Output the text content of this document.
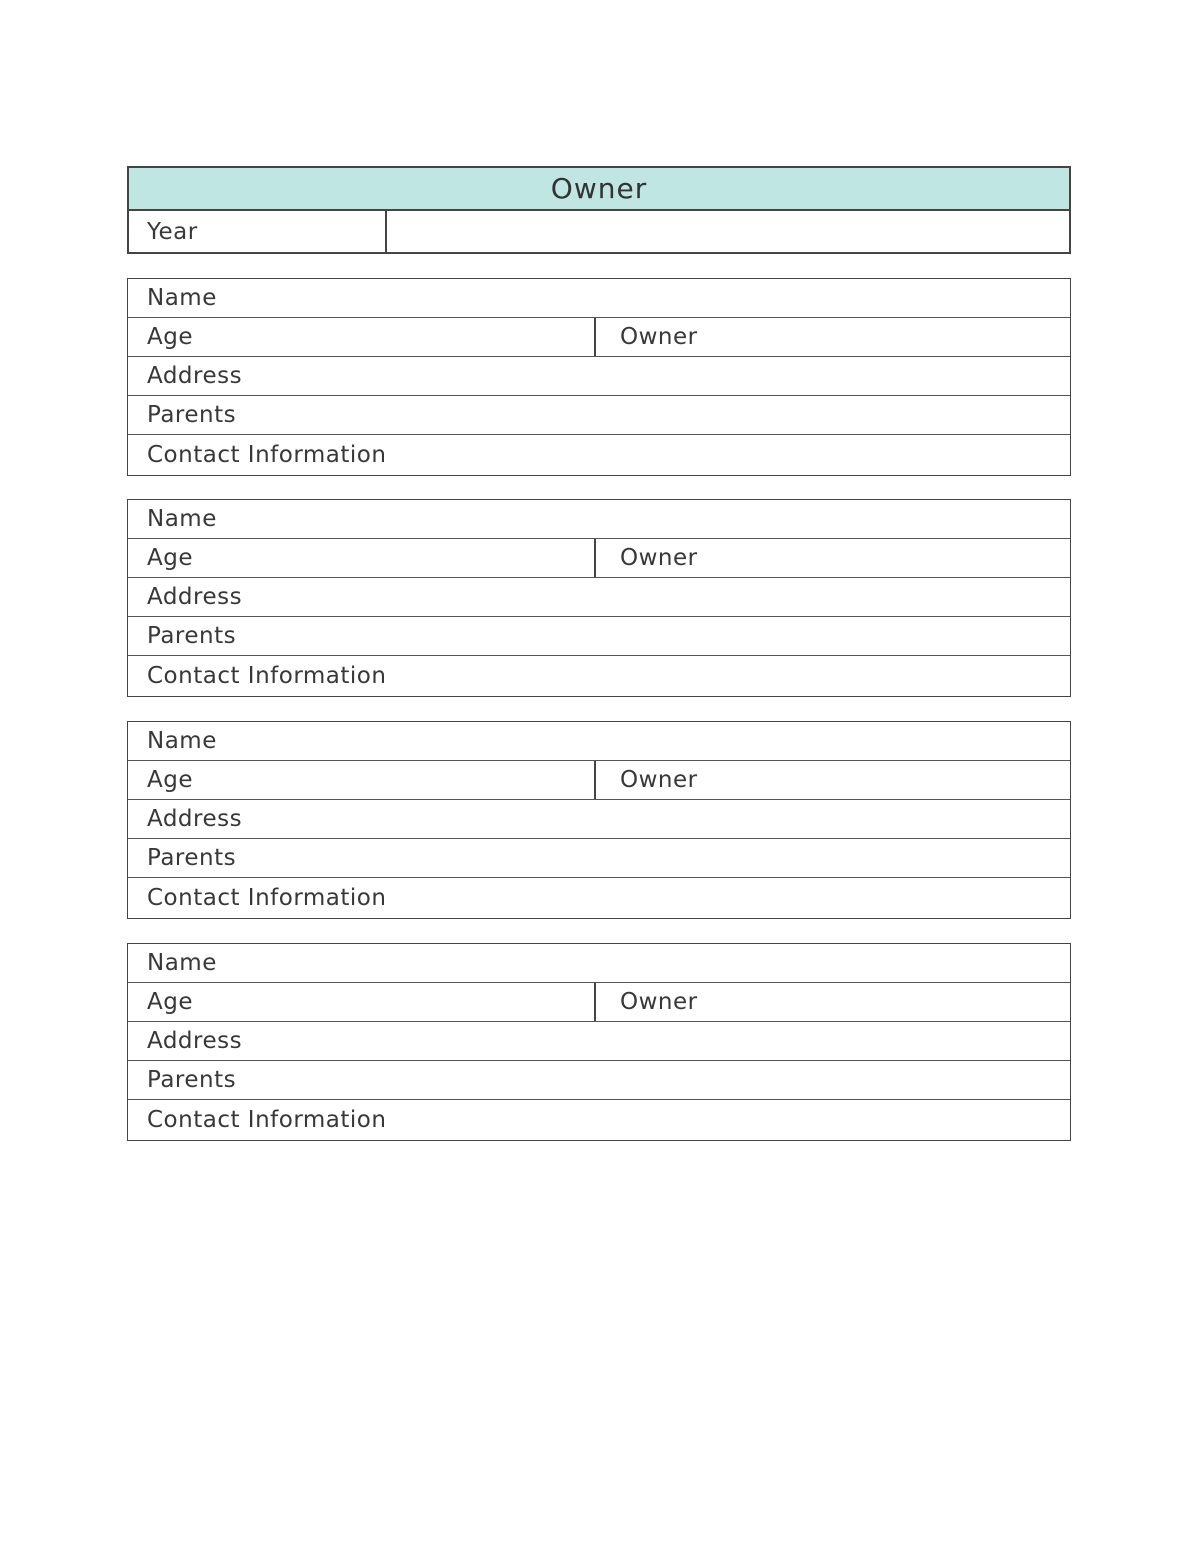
Owner
Year
Name
Age	Owner
Address
Parents
Contact Information
Name
Age	Owner
Address
Parents
Contact Information
Name
Age	Owner
Address
Parents
Contact Information
Name
Age	Owner
Address
Parents
Contact Information
